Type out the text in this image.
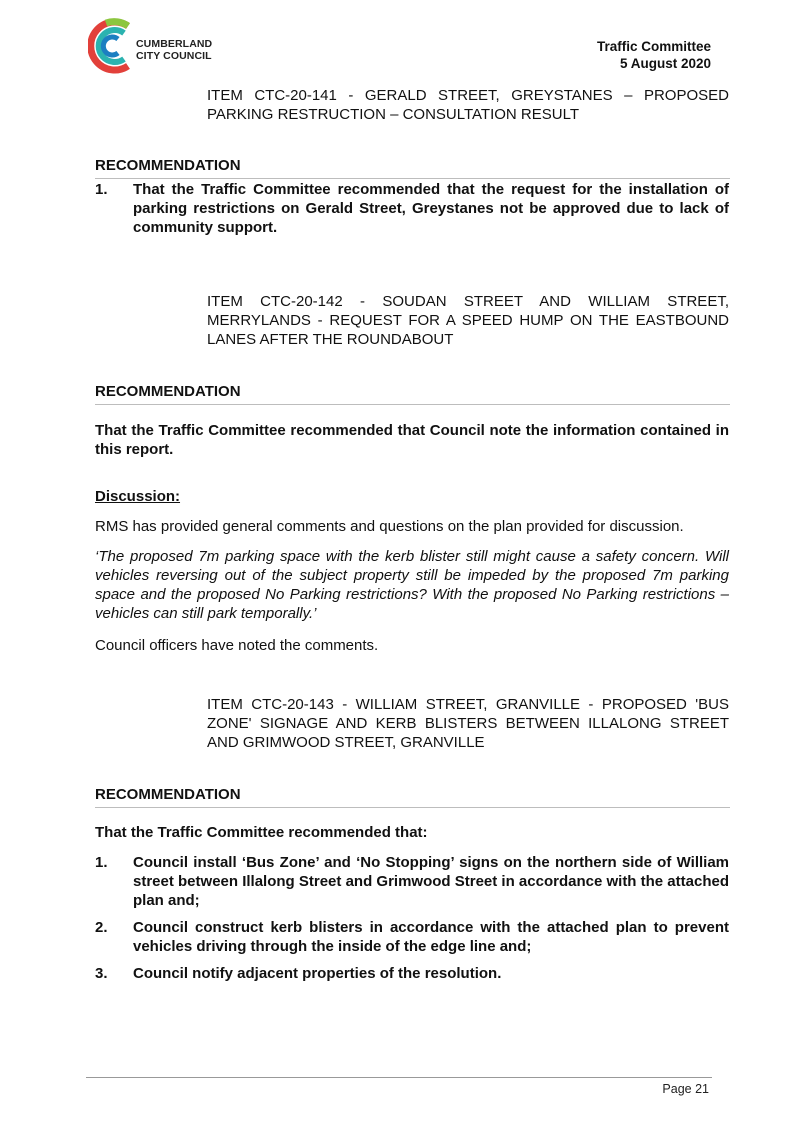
CUMBERLAND
CITY COUNCIL
Traffic Committee
5 August 2020
ITEM CTC-20-141 - GERALD STREET, GREYSTANES – PROPOSED PARKING RESTRUCTION – CONSULTATION RESULT
RECOMMENDATION
1.	That the Traffic Committee recommended that the request for the installation of parking restrictions on Gerald Street, Greystanes not be approved due to lack of community support.
ITEM CTC-20-142 - SOUDAN STREET AND WILLIAM STREET, MERRYLANDS - REQUEST FOR A SPEED HUMP ON THE EASTBOUND LANES AFTER THE ROUNDABOUT
RECOMMENDATION
That the Traffic Committee recommended that Council note the information contained in this report.
Discussion:
RMS has provided general comments and questions on the plan provided for discussion.
‘The proposed 7m parking space with the kerb blister still might cause a safety concern. Will vehicles reversing out of the subject property still be impeded by the proposed 7m parking space and the proposed No Parking restrictions? With the proposed No Parking restrictions – vehicles can still park temporally.’
Council officers have noted the comments.
ITEM CTC-20-143 - WILLIAM STREET, GRANVILLE - PROPOSED 'BUS ZONE' SIGNAGE AND KERB BLISTERS BETWEEN ILLALONG STREET AND GRIMWOOD STREET, GRANVILLE
RECOMMENDATION
That the Traffic Committee recommended that:
1.	Council install ‘Bus Zone’ and ‘No Stopping’ signs on the northern side of William street between Illalong Street and Grimwood Street in accordance with the attached plan and;
2.	Council construct kerb blisters in accordance with the attached plan to prevent vehicles driving through the inside of the edge line and;
3.	Council notify adjacent properties of the resolution.
Page 21
